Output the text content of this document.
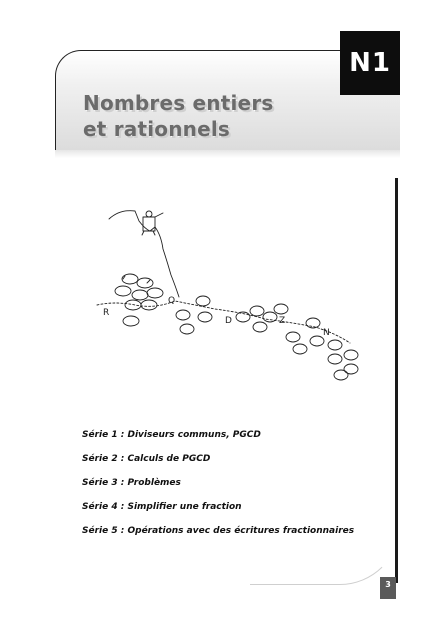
Nombres entiers
et rationnels
N1
R
Q
D	Z
N
Série 1 : Diviseurs communs, PGCD
Série 2 : Calculs de PGCD
Série 3 : Problèmes
Série 4 : Simplifier une fraction
Série 5 : Opérations avec des écritures fractionnaires
3
